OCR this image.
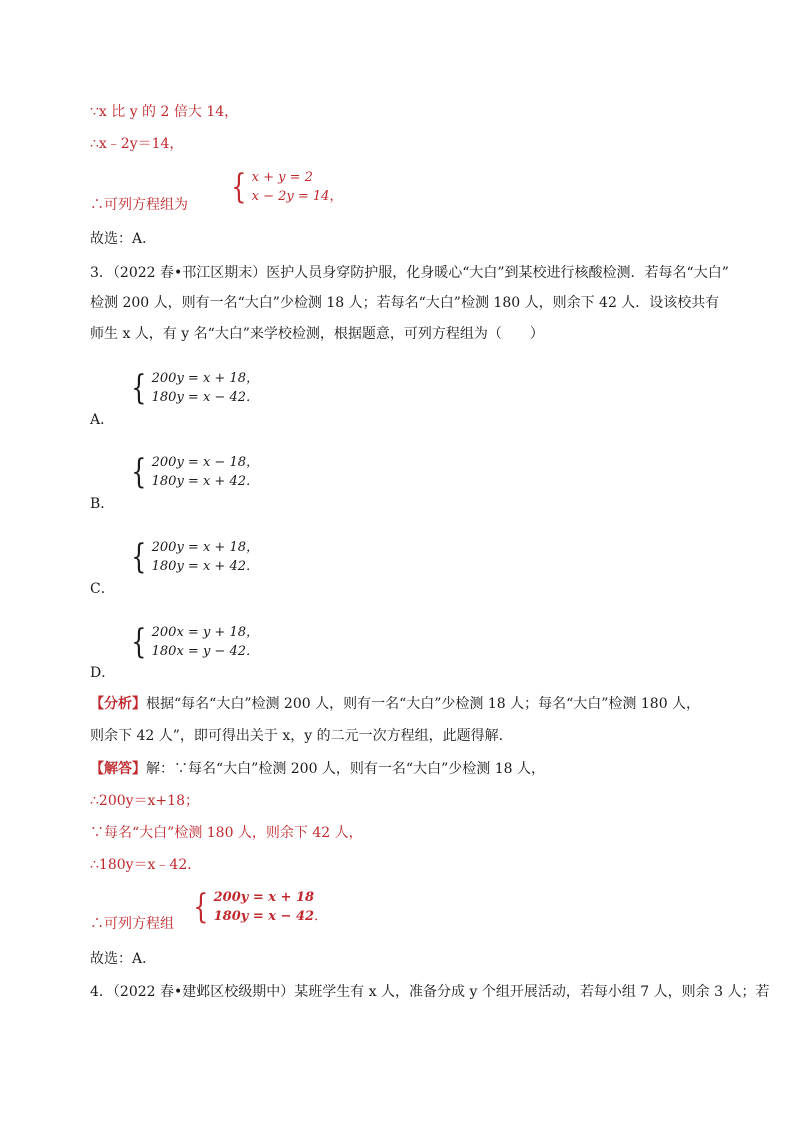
∵x 比 y 的 2 倍大 14，
∴x﹣2y＝14，
∴可列方程组为 { x + y = 2
x − 2y = 14 ，
故选：A．
3．（2022 春•邗江区期末）医护人员身穿防护服，化身暖心“大白”到某校进行核酸检测．若每名“大白”
检测 200 人，则有一名“大白”少检测 18 人；若每名“大白”检测 180 人，则余下 42 人．设该校共有
师生 x 人，有 y 名“大白”来学校检测，根据题意，可列方程组为（　　）
{ 200y = x + 18，
180y = x − 42．
A．
{ 200y = x − 18，
180y = x + 42．
B．
{ 200y = x + 18，
180y = x + 42．
C．
{ 200x = y + 18，
180x = y − 42．
D．
【分析】根据“每名“大白”检测 200 人，则有一名“大白”少检测 18 人；每名“大白”检测 180 人，
则余下 42 人”，即可得出关于 x，y 的二元一次方程组，此题得解．
【解答】解：∵每名“大白”检测 200 人，则有一名“大白”少检测 18 人，
∴200y＝x+18；
∵每名“大白”检测 180 人，则余下 42 人，
∴180y＝x﹣42．
∴可列方程组 { 200y = x + 18
180y = x − 42 ．
故选：A．
4．（2022 春•建邺区校级期中）某班学生有 x 人，准备分成 y 个组开展活动，若每小组 7 人，则余 3 人；若
